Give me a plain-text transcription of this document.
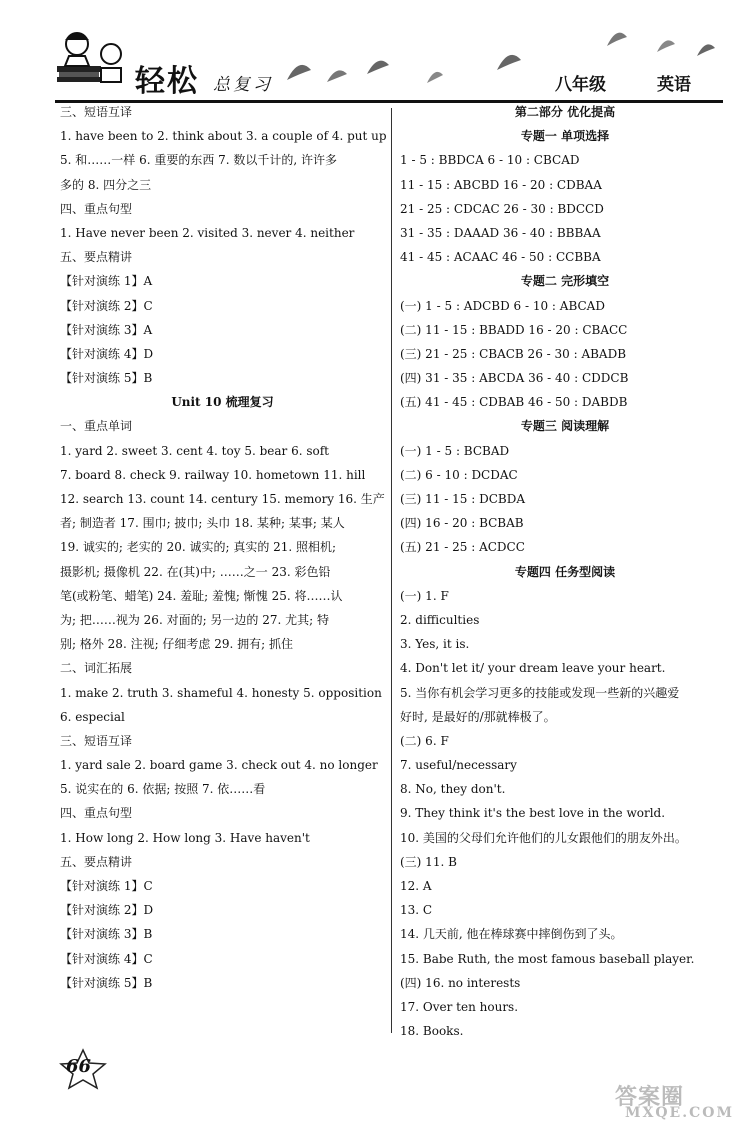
轻松 总复习	八年级	英语
三、短语互译
1. have been to 2. think about 3. a couple of 4. put up
5. 和……一样 6. 重要的东西 7. 数以千计的, 许许多
多的 8. 四分之三
四、重点句型
1. Have never been 2. visited 3. never 4. neither
五、要点精讲
【针对演练 1】A
【针对演练 2】C
【针对演练 3】A
【针对演练 4】D
【针对演练 5】B
Unit 10 梳理复习
一、重点单词
1. yard 2. sweet 3. cent 4. toy 5. bear 6. soft
7. board 8. check 9. railway 10. hometown 11. hill
12. search 13. count 14. century 15. memory 16. 生产
者; 制造者 17. 围巾; 披巾; 头巾 18. 某种; 某事; 某人
19. 诚实的; 老实的 20. 诚实的; 真实的 21. 照相机;
摄影机; 摄像机 22. 在(其)中; ……之一 23. 彩色铅
笔(或粉笔、蜡笔) 24. 羞耻; 羞愧; 惭愧 25. 将……认
为; 把……视为 26. 对面的; 另一边的 27. 尤其; 特
别; 格外 28. 注视; 仔细考虑 29. 拥有; 抓住
二、词汇拓展
1. make 2. truth 3. shameful 4. honesty 5. opposition
6. especial
三、短语互译
1. yard sale 2. board game 3. check out 4. no longer
5. 说实在的 6. 依据; 按照 7. 依……看
四、重点句型
1. How long 2. How long 3. Have haven't
五、要点精讲
【针对演练 1】C
【针对演练 2】D
【针对演练 3】B
【针对演练 4】C
【针对演练 5】B
第二部分 优化提高
专题一 单项选择
1 - 5 : BBDCA 6 - 10 : CBCAD
11 - 15 : ABCBD 16 - 20 : CDBAA
21 - 25 : CDCAC 26 - 30 : BDCCD
31 - 35 : DAAAD 36 - 40 : BBBAA
41 - 45 : ACAAC 46 - 50 : CCBBA
专题二 完形填空
(一) 1 - 5 : ADCBD 6 - 10 : ABCAD
(二) 11 - 15 : BBADD 16 - 20 : CBACC
(三) 21 - 25 : CBACB 26 - 30 : ABADB
(四) 31 - 35 : ABCDA 36 - 40 : CDDCB
(五) 41 - 45 : CDBAB 46 - 50 : DABDB
专题三 阅读理解
(一) 1 - 5 : BCBAD
(二) 6 - 10 : DCDAC
(三) 11 - 15 : DCBDA
(四) 16 - 20 : BCBAB
(五) 21 - 25 : ACDCC
专题四 任务型阅读
(一) 1. F
2. difficulties
3. Yes, it is.
4. Don't let it/ your dream leave your heart.
5. 当你有机会学习更多的技能或发现一些新的兴趣爱
好时, 是最好的/那就棒极了。
(二) 6. F
7. useful/necessary
8. No, they don't.
9. They think it's the best love in the world.
10. 美国的父母们允许他们的儿女跟他们的朋友外出。
(三) 11. B
12. A
13. C
14. 几天前, 他在棒球赛中摔倒伤到了头。
15. Babe Ruth, the most famous baseball player.
(四) 16. no interests
17. Over ten hours.
18. Books.
66
答案圈
MXQE.COM
